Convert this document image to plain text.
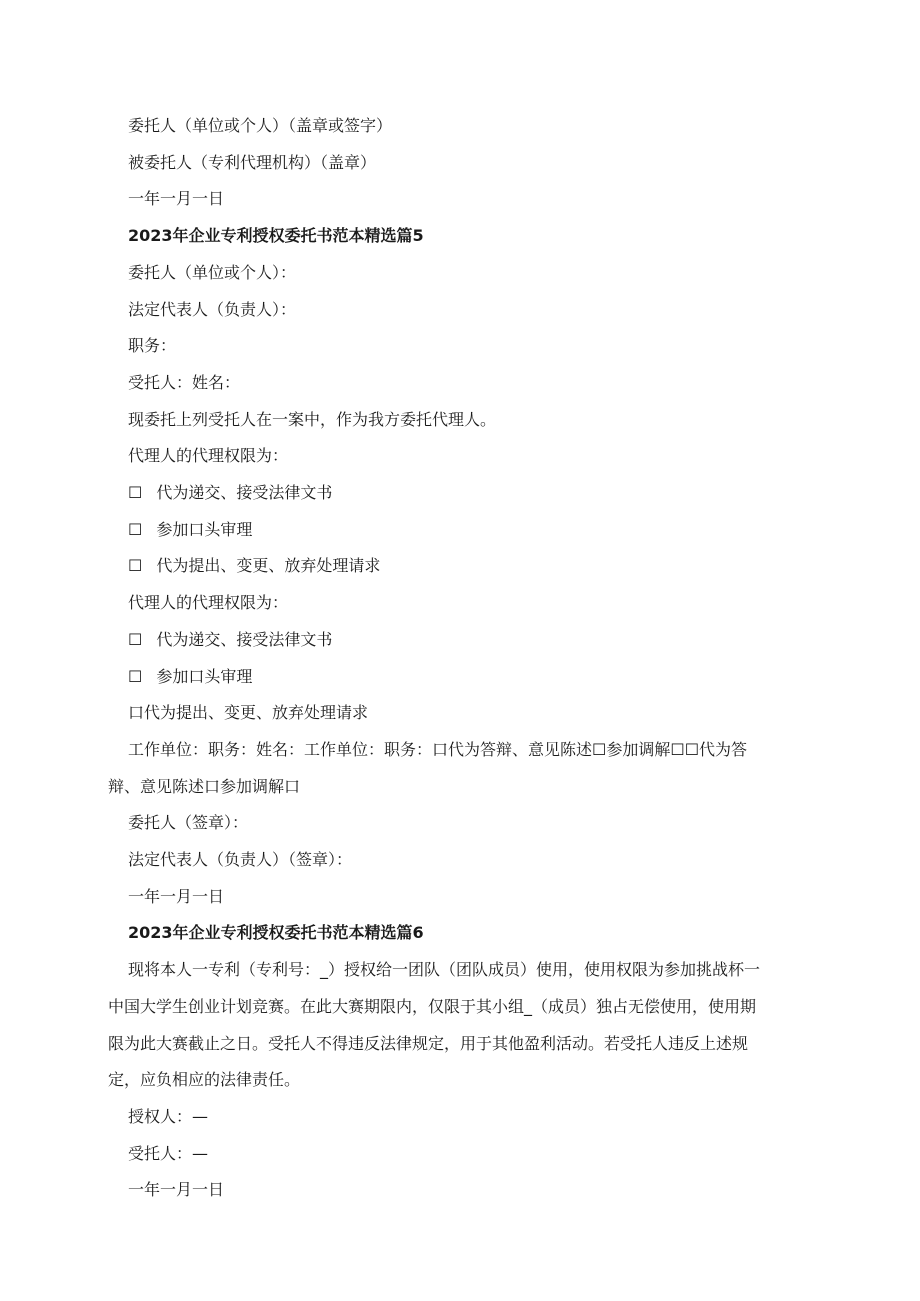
委托人（单位或个人）（盖章或签字）
被委托人（专利代理机构）（盖章）
一年一月一日
2023年企业专利授权委托书范本精选篇5
委托人（单位或个人）：
法定代表人（负责人）：
职务：
受托人：姓名：
现委托上列受托人在一案中，作为我方委托代理人。
代理人的代理权限为：
☐ 代为递交、接受法律文书
☐ 参加口头审理
☐ 代为提出、变更、放弃处理请求
代理人的代理权限为：
☐ 代为递交、接受法律文书
☐ 参加口头审理
口代为提出、变更、放弃处理请求
工作单位：职务：姓名：工作单位：职务：口代为答辩、意见陈述☐参加调解☐☐代为答
辩、意见陈述口参加调解口
委托人（签章）：
法定代表人（负责人）（签章）：
一年一月一日
2023年企业专利授权委托书范本精选篇6
现将本人一专利（专利号：_）授权给一团队（团队成员）使用，使用权限为参加挑战杯一
中国大学生创业计划竞赛。在此大赛期限内，仅限于其小组_（成员）独占无偿使用，使用期
限为此大赛截止之日。受托人不得违反法律规定，用于其他盈利活动。若受托人违反上述规
定，应负相应的法律责任。
授权人：—
受托人：—
一年一月一日
